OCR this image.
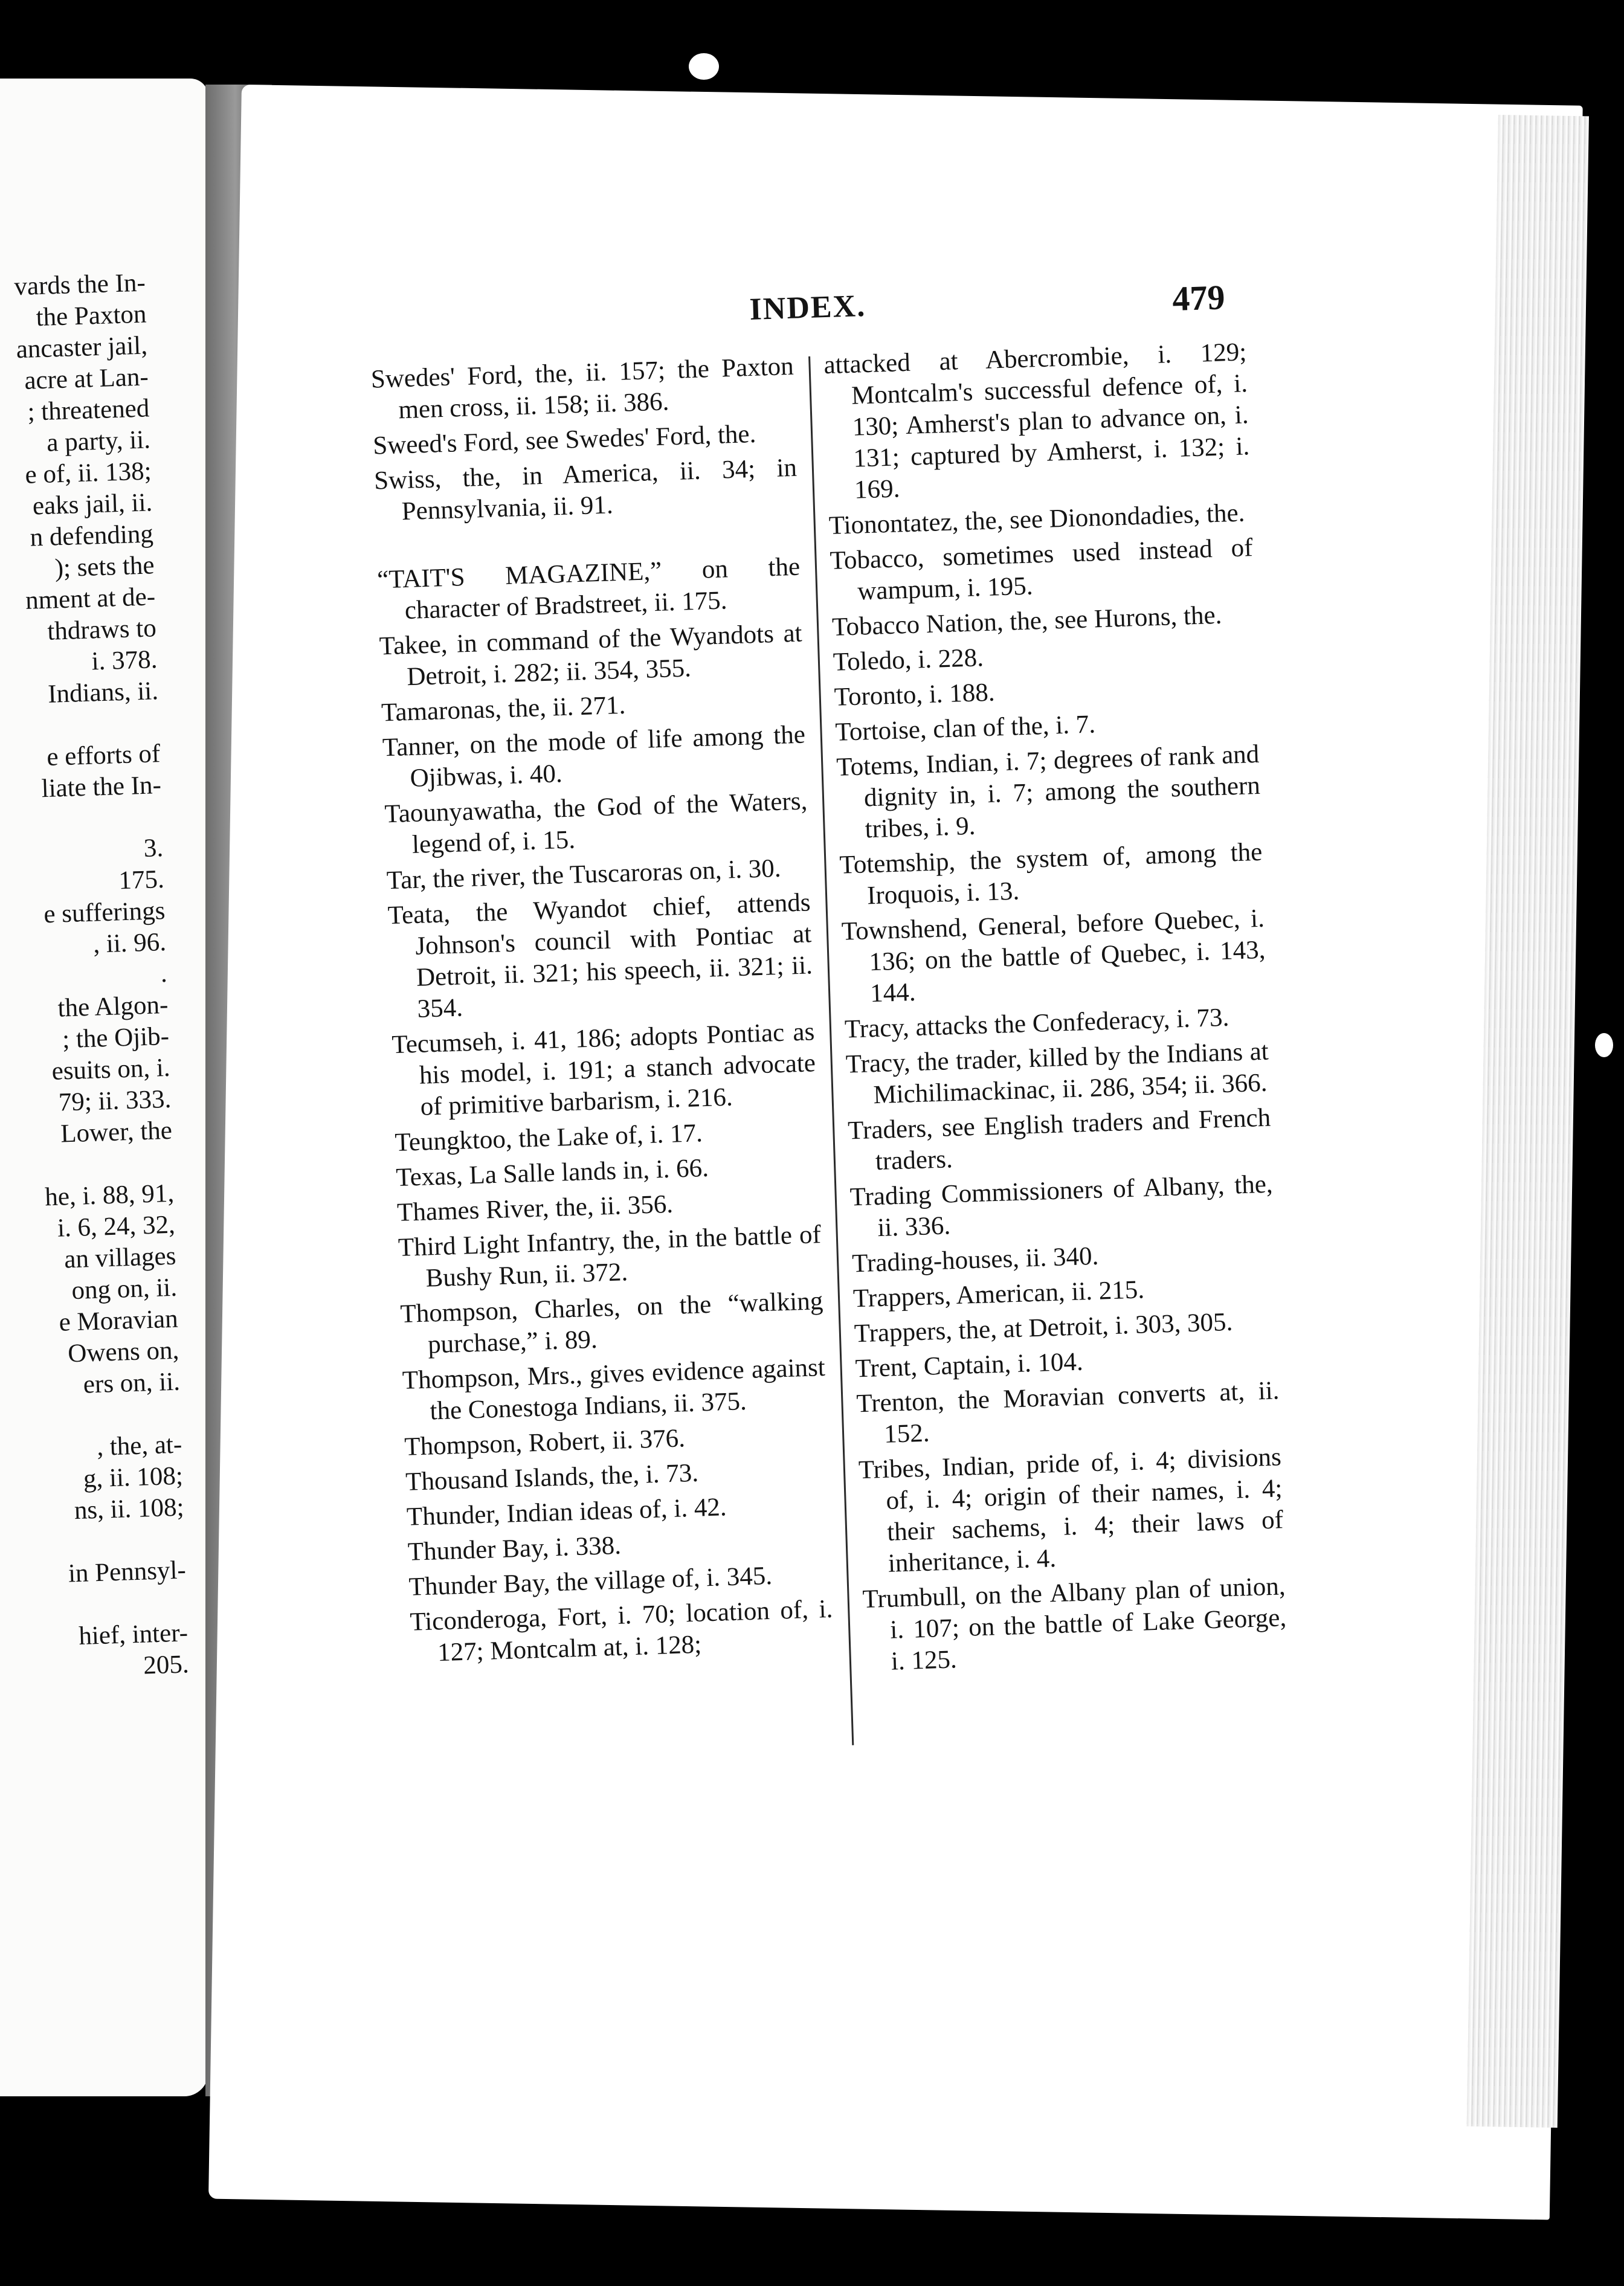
vards the In-
the Paxton
ancaster jail,
acre at Lan-
; threatened
a party, ii.
e of, ii. 138;
eaks jail, ii.
n defending
); sets the
nment at de-
thdraws to
i. 378.
Indians, ii.
e efforts of
liate the In-
3.
175.
e sufferings
, ii. 96.
.
the Algon-
; the Ojib-
esuits on, i.
79; ii. 333.
Lower, the
he, i. 88, 91,
i. 6, 24, 32,
an villages
ong on, ii.
e Moravian
Owens on,
ers on, ii.
, the, at-
g, ii. 108;
ns, ii. 108;
in Pennsyl-
hief, inter-
205.
INDEX.	479
Swedes' Ford, the, ii. 157; the Paxton men cross, ii. 158; ii. 386.
Sweed's Ford, see Swedes' Ford, the.
Swiss, the, in America, ii. 34; in Pennsylvania, ii. 91.
“TAIT'S MAGAZINE,” on the character of Bradstreet, ii. 175.
Takee, in command of the Wyandots at Detroit, i. 282; ii. 354, 355.
Tamaronas, the, ii. 271.
Tanner, on the mode of life among the Ojibwas, i. 40.
Taounyawatha, the God of the Waters, legend of, i. 15.
Tar, the river, the Tuscaroras on, i. 30.
Teata, the Wyandot chief, attends Johnson's council with Pontiac at Detroit, ii. 321; his speech, ii. 321; ii. 354.
Tecumseh, i. 41, 186; adopts Pontiac as his model, i. 191; a stanch advocate of primitive barbarism, i. 216.
Teungktoo, the Lake of, i. 17.
Texas, La Salle lands in, i. 66.
Thames River, the, ii. 356.
Third Light Infantry, the, in the battle of Bushy Run, ii. 372.
Thompson, Charles, on the “walking purchase,” i. 89.
Thompson, Mrs., gives evidence against the Conestoga Indians, ii. 375.
Thompson, Robert, ii. 376.
Thousand Islands, the, i. 73.
Thunder, Indian ideas of, i. 42.
Thunder Bay, i. 338.
Thunder Bay, the village of, i. 345.
Ticonderoga, Fort, i. 70; location of, i. 127; Montcalm at, i. 128;
attacked at Abercrombie, i. 129; Montcalm's successful defence of, i. 130; Amherst's plan to advance on, i. 131; captured by Amherst, i. 132; i. 169.
Tionontatez, the, see Dionondadies, the.
Tobacco, sometimes used instead of wampum, i. 195.
Tobacco Nation, the, see Hurons, the.
Toledo, i. 228.
Toronto, i. 188.
Tortoise, clan of the, i. 7.
Totems, Indian, i. 7; degrees of rank and dignity in, i. 7; among the southern tribes, i. 9.
Totemship, the system of, among the Iroquois, i. 13.
Townshend, General, before Quebec, i. 136; on the battle of Quebec, i. 143, 144.
Tracy, attacks the Confederacy, i. 73.
Tracy, the trader, killed by the Indians at Michilimackinac, ii. 286, 354; ii. 366.
Traders, see English traders and French traders.
Trading Commissioners of Albany, the, ii. 336.
Trading-houses, ii. 340.
Trappers, American, ii. 215.
Trappers, the, at Detroit, i. 303, 305.
Trent, Captain, i. 104.
Trenton, the Moravian converts at, ii. 152.
Tribes, Indian, pride of, i. 4; divisions of, i. 4; origin of their names, i. 4; their sachems, i. 4; their laws of inheritance, i. 4.
Trumbull, on the Albany plan of union, i. 107; on the battle of Lake George, i. 125.
